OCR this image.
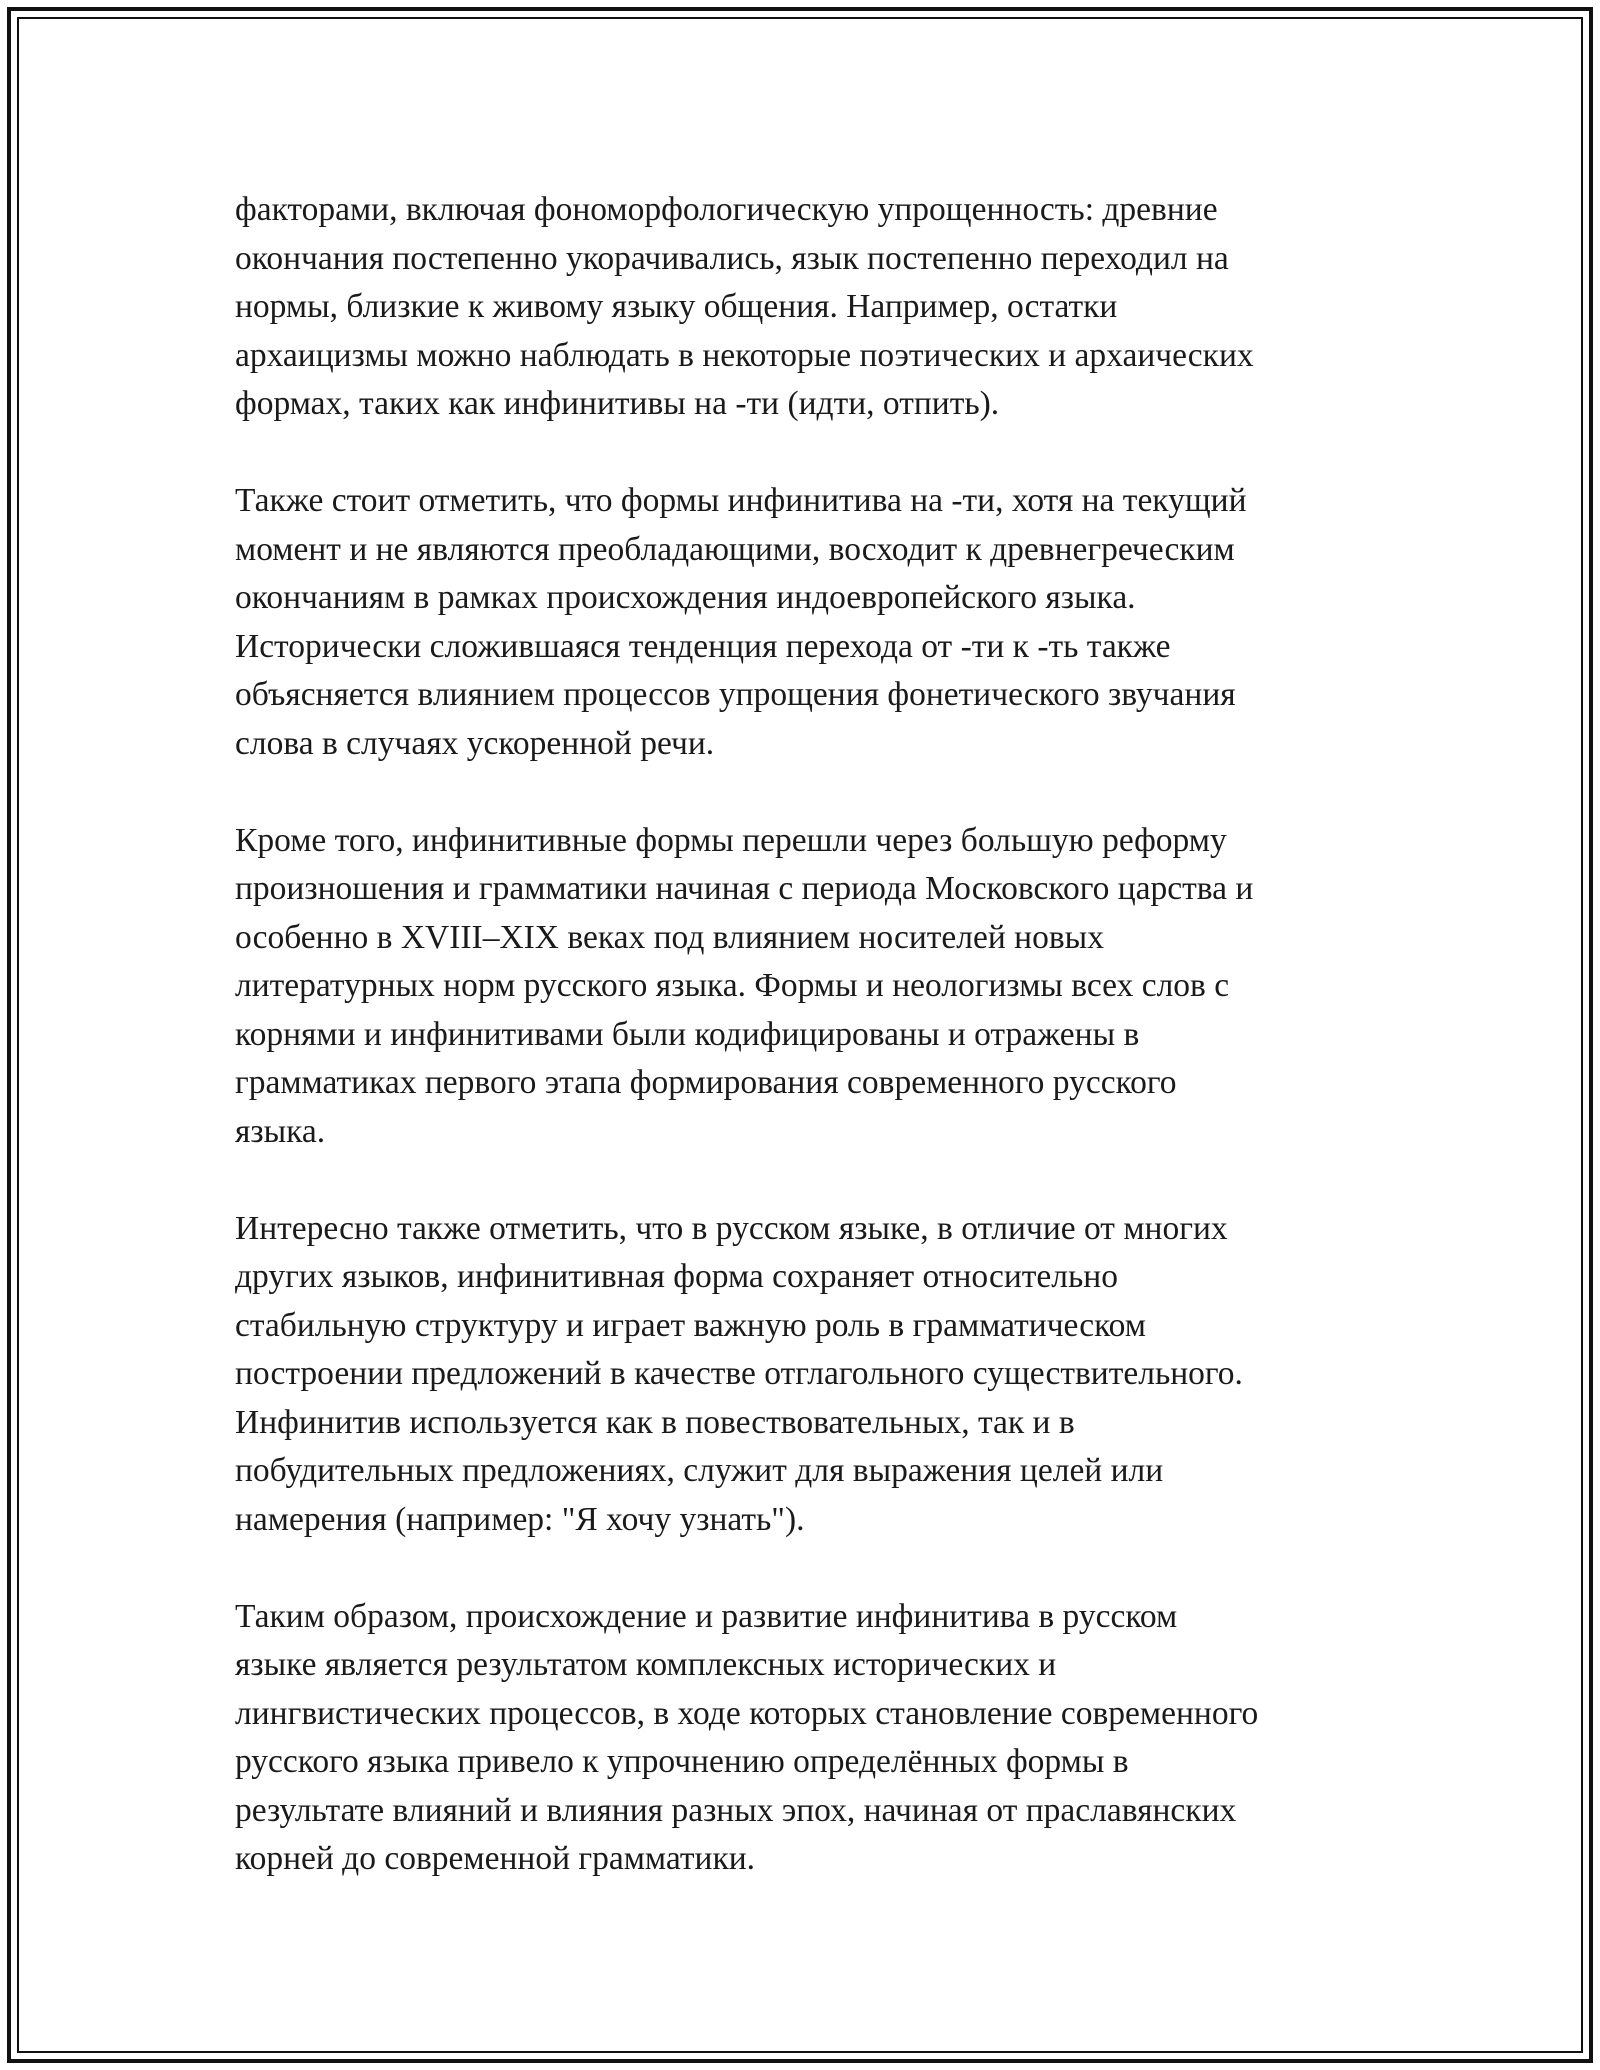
факторами, включая фономорфологическую упрощенность: древние
окончания постепенно укорачивались, язык постепенно переходил на
нормы, близкие к живому языку общения. Например, остатки
архаицизмы можно наблюдать в некоторые поэтических и архаических
формах, таких как инфинитивы на -ти (идти, отпить).

Также стоит отметить, что формы инфинитива на -ти, хотя на текущий
момент и не являются преобладающими, восходит к древнегреческим
окончаниям в рамках происхождения индоевропейского языка.
Исторически сложившаяся тенденция перехода от -ти к -ть также
объясняется влиянием процессов упрощения фонетического звучания
слова в случаях ускоренной речи.

Кроме того, инфинитивные формы перешли через большую реформу
произношения и грамматики начиная с периода Московского царства и
особенно в XVIII–XIX веках под влиянием носителей новых
литературных норм русского языка. Формы и неологизмы всех слов с
корнями и инфинитивами были кодифицированы и отражены в
грамматиках первого этапа формирования современного русского
языка.

Интересно также отметить, что в русском языке, в отличие от многих
других языков, инфинитивная форма сохраняет относительно
стабильную структуру и играет важную роль в грамматическом
построении предложений в качестве отглагольного существительного.
Инфинитив используется как в повествовательных, так и в
побудительных предложениях, служит для выражения целей или
намерения (например: "Я хочу узнать").

Таким образом, происхождение и развитие инфинитива в русском
языке является результатом комплексных исторических и
лингвистических процессов, в ходе которых становление современного
русского языка привело к упрочнению определённых формы в
результате влияний и влияния разных эпох, начиная от праславянских
корней до современной грамматики.
